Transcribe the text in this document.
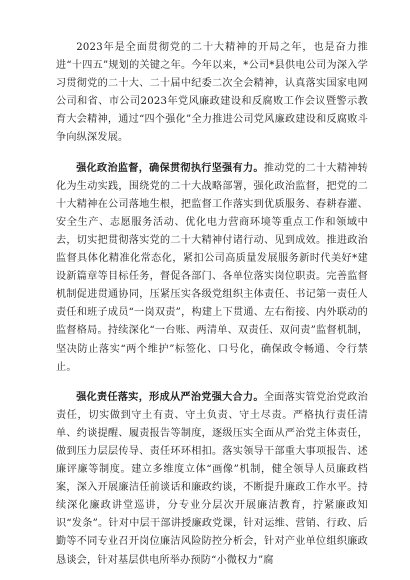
2023年是全面贯彻党的二十大精神的开局之年，也是奋力推进“十四五”规划的关键之年。今年以来，*公司*县供电公司为深入学习贯彻党的二十大、二十届中纪委二次全会精神，认真落实国家电网公司和省、市公司2023年党风廉政建设和反腐败工作会议暨警示教育大会精神，通过“四个强化”全力推进公司党风廉政建设和反腐败斗争向纵深发展。

强化政治监督，确保贯彻执行坚强有力。推动党的二十大精神转化为生动实践，围绕党的二十大战略部署，强化政治监督，把党的二十大精神在公司落地生根，把监督工作落实到优质服务、春耕春灌、安全生产、志愿服务活动、优化电力营商环境等重点工作和领域中去，切实把贯彻落实党的二十大精神付诸行动、见到成效。推进政治监督具体化精准化常态化，紧扣公司高质量发展服务新时代美好*建设新篇章等目标任务，督促各部门、各单位落实岗位职责。完善监督机制促进贯通协同，压紧压实各级党组织主体责任、书记第一责任人责任和班子成员“一岗双责”，构建上下贯通、左右衔接、内外联动的监督格局。持续深化“一台账、两清单、双责任、双问责”监督机制，坚决防止落实“两个维护”标签化、口号化，确保政令畅通、令行禁止。

强化责任落实，形成从严治党强大合力。全面落实管党治党政治责任，切实做到守土有责、守土负责、守土尽责。严格执行责任清单、约谈提醒、履责报告等制度，逐级压实全面从严治党主体责任，做到压力层层传导、责任环环相扣。落实领导干部重大事项报告、述廉评廉等制度。建立多维度立体“画像”机制，健全领导人员廉政档案，深入开展廉洁任前谈话和廉政约谈，不断提升廉政工作水平。持续深化廉政讲堂巡讲，分专业分层次开展廉洁教育，拧紧廉政知识“发条”。针对中层干部讲授廉政党课，针对运维、营销、行政、后勤等不同专业召开岗位廉洁风险防控分析会，针对产业单位组织廉政恳谈会，针对基层供电所举办预防“小微权力”腐
